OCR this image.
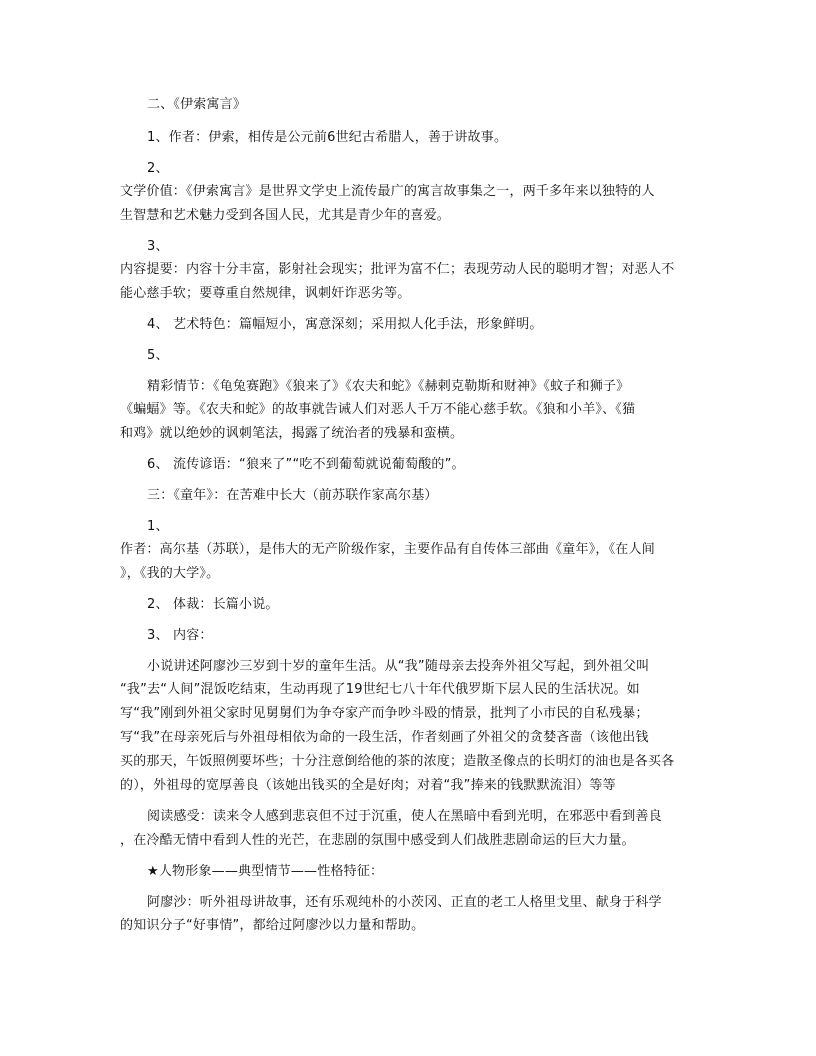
二、《伊索寓言》
1、作者：伊索，相传是公元前6世纪古希腊人，善于讲故事。
2、
文学价值：《伊索寓言》是世界文学史上流传最广的寓言故事集之一，两千多年来以独特的人
生智慧和艺术魅力受到各国人民，尤其是青少年的喜爱。
3、
内容提要：内容十分丰富，影射社会现实；批评为富不仁；表现劳动人民的聪明才智；对恶人不
能心慈手软；要尊重自然规律，讽刺奸诈恶劣等。
4、 艺术特色：篇幅短小，寓意深刻；采用拟人化手法，形象鲜明。
5、
精彩情节：《龟兔赛跑》《狼来了》《农夫和蛇》《赫剌克勒斯和财神》《蚊子和狮子》
《蝙蝠》等。《农夫和蛇》的故事就告诫人们对恶人千万不能心慈手软。《狼和小羊》、《猫
和鸡》就以绝妙的讽刺笔法，揭露了统治者的残暴和蛮横。
6、 流传谚语：“狼来了”“吃不到葡萄就说葡萄酸的”。
三：《童年》：在苦难中长大（前苏联作家高尔基）
1、
作者：高尔基（苏联），是伟大的无产阶级作家，主要作品有自传体三部曲《童年》，《在人间
》，《我的大学》。
2、 体裁：长篇小说。
3、 内容：
小说讲述阿廖沙三岁到十岁的童年生活。从“我”随母亲去投奔外祖父写起，到外祖父叫
“我”去“人间”混饭吃结束，生动再现了19世纪七八十年代俄罗斯下层人民的生活状况。如
写“我”刚到外祖父家时见舅舅们为争夺家产而争吵斗殴的情景，批判了小市民的自私残暴；
写“我”在母亲死后与外祖母相依为命的一段生活，作者刻画了外祖父的贪婪吝啬（该他出钱
买的那天，午饭照例要坏些；十分注意倒给他的茶的浓度；造散圣像点的长明灯的油也是各买各
的），外祖母的宽厚善良（该她出钱买的全是好肉；对着“我”捧来的钱默默流泪）等等
阅读感受：读来令人感到悲哀但不过于沉重，使人在黑暗中看到光明，在邪恶中看到善良
，在冷酷无情中看到人性的光芒，在悲剧的氛围中感受到人们战胜悲剧命运的巨大力量。
★人物形象——典型情节——性格特征：
阿廖沙：听外祖母讲故事，还有乐观纯朴的小茨冈、正直的老工人格里戈里、献身于科学
的知识分子“好事情”，都给过阿廖沙以力量和帮助。
